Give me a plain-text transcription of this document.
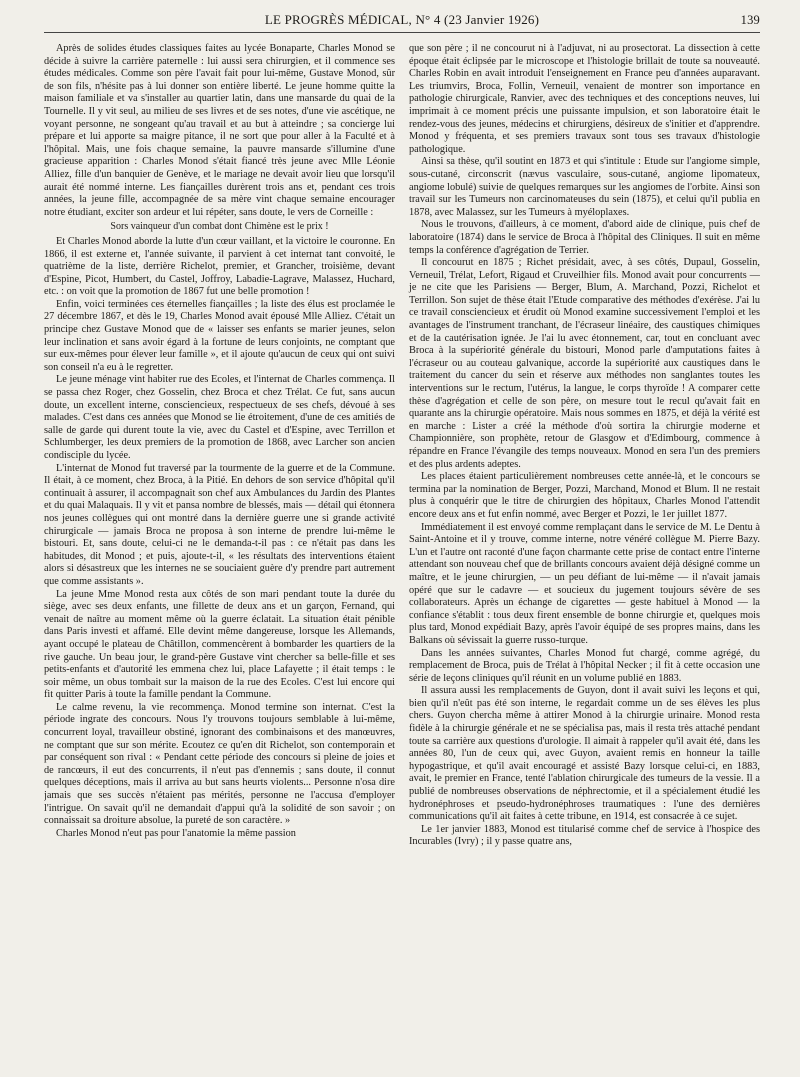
LE PROGRÈS MÉDICAL, N° 4 (23 Janvier 1926)	139

Après de solides études classiques faites au lycée Bonaparte, Charles Monod se décide à suivre la carrière paternelle : lui aussi sera chirurgien, et il commence ses études médicales. Comme son père l'avait fait pour lui-même, Gustave Monod, sûr de son fils, n'hésite pas à lui donner son entière liberté. Le jeune homme quitte la maison familiale et va s'installer au quartier latin, dans une mansarde du quai de la Tournelle. Il y vit seul, au milieu de ses livres et de ses notes, d'une vie ascétique, ne voyant personne, ne songeant qu'au travail et au but à atteindre ; sa concierge lui prépare et lui apporte sa maigre pitance, il ne sort que pour aller à la Faculté et à l'hôpital. Mais, une fois chaque semaine, la pauvre mansarde s'illumine d'une gracieuse apparition : Charles Monod s'était fiancé très jeune avec Mlle Léonie Alliez, fille d'un banquier de Genève, et le mariage ne devait avoir lieu que lorsqu'il aurait été nommé interne. Les fiançailles durèrent trois ans et, pendant ces trois années, la jeune fille, accompagnée de sa mère vint chaque semaine encourager notre étudiant, exciter son ardeur et lui répéter, sans doute, le vers de Corneille :

Sors vainqueur d'un combat dont Chimène est le prix !

Et Charles Monod aborde la lutte d'un cœur vaillant, et la victoire le couronne. En 1866, il est externe et, l'année suivante, il parvient à cet internat tant convoité, le quatrième de la liste, derrière Richelot, premier, et Grancher, troisième, devant d'Espine, Picot, Humbert, du Castel, Joffroy, Labadie-Lagrave, Malassez, Huchard, etc. : on voit que la promotion de 1867 fut une belle promotion !

Enfin, voici terminées ces éternelles fiançailles ; la liste des élus est proclamée le 27 décembre 1867, et dès le 19, Charles Monod avait épousé Mlle Alliez. C'était un principe chez Gustave Monod que de « laisser ses enfants se marier jeunes, selon leur inclination et sans avoir égard à la fortune de leurs conjoints, ne comptant que sur eux-mêmes pour élever leur famille », et il ajoute qu'aucun de ceux qui ont suivi son conseil n'a eu à le regretter.

Le jeune ménage vint habiter rue des Ecoles, et l'internat de Charles commença. Il se passa chez Roger, chez Gosselin, chez Broca et chez Trélat. Ce fut, sans aucun doute, un excellent interne, consciencieux, respectueux de ses chefs, dévoué à ses malades. C'est dans ces années que Monod se lie étroitement, d'une de ces amitiés de salle de garde qui durent toute la vie, avec du Castel et d'Espine, avec Terrillon et Schlumberger, les deux premiers de la promotion de 1868, avec Larcher son ancien condisciple du lycée.

L'internat de Monod fut traversé par la tourmente de la guerre et de la Commune. Il était, à ce moment, chez Broca, à la Pitié. En dehors de son service d'hôpital qu'il continuait à assurer, il accompagnait son chef aux Ambulances du Jardin des Plantes et du quai Malaquais. Il y vit et pansa nombre de blessés, mais — détail qui étonnera nos jeunes collègues qui ont montré dans la dernière guerre une si grande activité chirurgicale — jamais Broca ne proposa à son interne de prendre lui-même le bistouri. Et, sans doute, celui-ci ne le demanda-t-il pas : ce n'était pas dans les habitudes, dit Monod ; et puis, ajoute-t-il, « les résultats des interventions étaient alors si désastreux que les internes ne se souciaient guère d'y prendre part autrement que comme assistants ».

La jeune Mme Monod resta aux côtés de son mari pendant toute la durée du siège, avec ses deux enfants, une fillette de deux ans et un garçon, Fernand, qui venait de naître au moment même où la guerre éclatait. La situation était pénible dans Paris investi et affamé. Elle devint même dangereuse, lorsque les Allemands, ayant occupé le plateau de Châtillon, commencèrent à bombarder les quartiers de la rive gauche. Un beau jour, le grand-père Gustave vint chercher sa belle-fille et ses petits-enfants et d'autorité les emmena chez lui, place Lafayette ; il était temps : le soir même, un obus tombait sur la maison de la rue des Ecoles. C'est lui encore qui fit quitter Paris à toute la famille pendant la Commune.

Le calme revenu, la vie recommença. Monod termine son internat. C'est la période ingrate des concours. Nous l'y trouvons toujours semblable à lui-même, concurrent loyal, travailleur obstiné, ignorant des combinaisons et des manœuvres, ne comptant que sur son mérite. Ecoutez ce qu'en dit Richelot, son contemporain et par conséquent son rival : « Pendant cette période des concours si pleine de joies et de rancœurs, il eut des concurrents, il n'eut pas d'ennemis ; sans doute, il connut quelques déceptions, mais il arriva au but sans heurts violents... Personne n'osa dire jamais que ses succès n'étaient pas mérités, personne ne l'accusa d'employer l'intrigue. On savait qu'il ne demandait d'appui qu'à la solidité de son savoir ; on connaissait sa droiture absolue, la pureté de son caractère. »

Charles Monod n'eut pas pour l'anatomie la même passion

que son père ; il ne concourut ni à l'adjuvat, ni au prosectorat. La dissection à cette époque était éclipsée par le microscope et l'histologie brillait de toute sa nouveauté. Charles Robin en avait introduit l'enseignement en France peu d'années auparavant. Les triumvirs, Broca, Follin, Verneuil, venaient de montrer son importance en pathologie chirurgicale, Ranvier, avec des techniques et des conceptions neuves, lui imprimait à ce moment précis une puissante impulsion, et son laboratoire était le rendez-vous des jeunes, médecins et chirurgiens, désireux de s'initier et d'apprendre. Monod y fréquenta, et ses premiers travaux sont tous ses travaux d'histologie pathologique.

Ainsi sa thèse, qu'il soutint en 1873 et qui s'intitule : Etude sur l'angiome simple, sous-cutané, circonscrit (nævus vasculaire, sous-cutané, angiome lipomateux, angiome lobulé) suivie de quelques remarques sur les angiomes de l'orbite. Ainsi son travail sur les Tumeurs non carcinomateuses du sein (1875), et celui qu'il publia en 1878, avec Malassez, sur les Tumeurs à myéloplaxes.

Nous le trouvons, d'ailleurs, à ce moment, d'abord aide de clinique, puis chef de laboratoire (1874) dans le service de Broca à l'hôpital des Cliniques. Il suit en même temps la conférence d'agrégation de Terrier.

Il concourut en 1875 ; Richet présidait, avec, à ses côtés, Dupaul, Gosselin, Verneuil, Trélat, Lefort, Rigaud et Cruveilhier fils. Monod avait pour concurrents — je ne cite que les Parisiens — Berger, Blum, A. Marchand, Pozzi, Richelot et Terrillon. Son sujet de thèse était l'Etude comparative des méthodes d'exérèse. J'ai lu ce travail consciencieux et érudit où Monod examine successivement l'emploi et les avantages de l'instrument tranchant, de l'écraseur linéaire, des caustiques chimiques et de la cautérisation ignée. Je l'ai lu avec étonnement, car, tout en concluant avec Broca à la supériorité générale du bistouri, Monod parle d'amputations faites à l'écraseur ou au couteau galvanique, accorde la supériorité aux caustiques dans le traitement du cancer du sein et réserve aux méthodes non sanglantes toutes les interventions sur le rectum, l'utérus, la langue, le corps thyroïde ! A comparer cette thèse d'agrégation et celle de son père, on mesure tout le recul qu'avait fait en quarante ans la chirurgie opératoire. Mais nous sommes en 1875, et déjà la vérité est en marche : Lister a créé la méthode d'où sortira la chirurgie moderne et Championnière, son prophète, retour de Glasgow et d'Edimbourg, commence à répandre en France l'évangile des temps nouveaux. Monod en sera l'un des premiers et des plus ardents adeptes.

Les places étaient particulièrement nombreuses cette année-là, et le concours se termina par la nomination de Berger, Pozzi, Marchand, Monod et Blum. Il ne restait plus à conquérir que le titre de chirurgien des hôpitaux, Charles Monod l'attendit encore deux ans et fut enfin nommé, avec Berger et Pozzi, le 1er juillet 1877.

Immédiatement il est envoyé comme remplaçant dans le service de M. Le Dentu à Saint-Antoine et il y trouve, comme interne, notre vénéré collègue M. Pierre Bazy. L'un et l'autre ont raconté d'une façon charmante cette prise de contact entre l'interne attendant son nouveau chef que de brillants concours avaient déjà désigné comme un maître, et le jeune chirurgien, — un peu défiant de lui-même — il n'avait jamais opéré que sur le cadavre — et soucieux du jugement toujours sévère de ses collaborateurs. Après un échange de cigarettes — geste habituel à Monod — la confiance s'établit : tous deux firent ensemble de bonne chirurgie et, quelques mois plus tard, Monod expédiait Bazy, après l'avoir équipé de ses propres mains, dans les Balkans où sévissait la guerre russo-turque.

Dans les années suivantes, Charles Monod fut chargé, comme agrégé, du remplacement de Broca, puis de Trélat à l'hôpital Necker ; il fit à cette occasion une série de leçons cliniques qu'il réunit en un volume publié en 1883.

Il assura aussi les remplacements de Guyon, dont il avait suivi les leçons et qui, bien qu'il n'eût pas été son interne, le regardait comme un de ses élèves les plus chers. Guyon chercha même à attirer Monod à la chirurgie urinaire. Monod resta fidèle à la chirurgie générale et ne se spécialisa pas, mais il resta très attaché pendant toute sa carrière aux questions d'urologie. Il aimait à rappeler qu'il avait été, dans les années 80, l'un de ceux qui, avec Guyon, avaient remis en honneur la taille hypogastrique, et qu'il avait encouragé et assisté Bazy lorsque celui-ci, en 1883, avait, le premier en France, tenté l'ablation chirurgicale des tumeurs de la vessie. Il a publié de nombreuses observations de néphrectomie, et il a spécialement étudié les hydronéphroses et pseudo-hydronéphroses traumatiques : l'une des dernières communications qu'il ait faites à cette tribune, en 1914, est consacrée à ce sujet.

Le 1er janvier 1883, Monod est titularisé comme chef de service à l'hospice des Incurables (Ivry) ; il y passe quatre ans,
